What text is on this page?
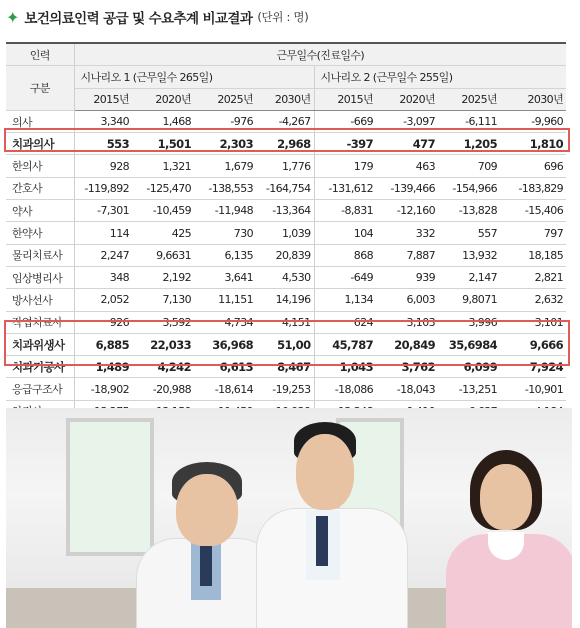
✦ 보건의료인력 공급 및 수요추계 비교결과 (단위 : 명)
인력	근무일수(진료일수)							
구분	시나리오 1 (근무일수 265일)				시나리오 2 (근무일수 255일)			
	2015년	2020년	2025년	2030년	2015년	2020년	2025년	2030년
의사	3,340	1,468	-976	-4,267	-669	-3,097	-6,111	-9,960
치과의사	553	1,501	2,303	2,968	-397	477	1,205	1,810
한의사	928	1,321	1,679	1,776	179	463	709	696
간호사	-119,892	-125,470	-138,553	-164,754	-131,612	-139,466	-154,966	-183,829
약사	-7,301	-10,459	-11,948	-13,364	-8,831	-12,160	-13,828	-15,406
한약사	114	425	730	1,039	104	332	557	797
물리치료사	2,247	9,6631	6,135	20,839	868	7,887	13,932	18,185
임상병리사	348	2,192	3,641	4,530	-649	939	2,147	2,821
방사선사	2,052	7,130	11,151	14,196	1,134	6,003	9,8071	2,632
작업치료사	926	3,592	4,734	4,151	624	3,103	3,996	3,101
치과위생사	6,885	22,033	36,968	51,00	45,787	20,849	35,6984	9,666
치과기공사	1,489	4,242	6,613	8,467	1,043	3,762	6,099	7,924
응급구조사	-18,902	-20,988	-18,614	-19,253	-18,086	-18,043	-13,251	-10,901
